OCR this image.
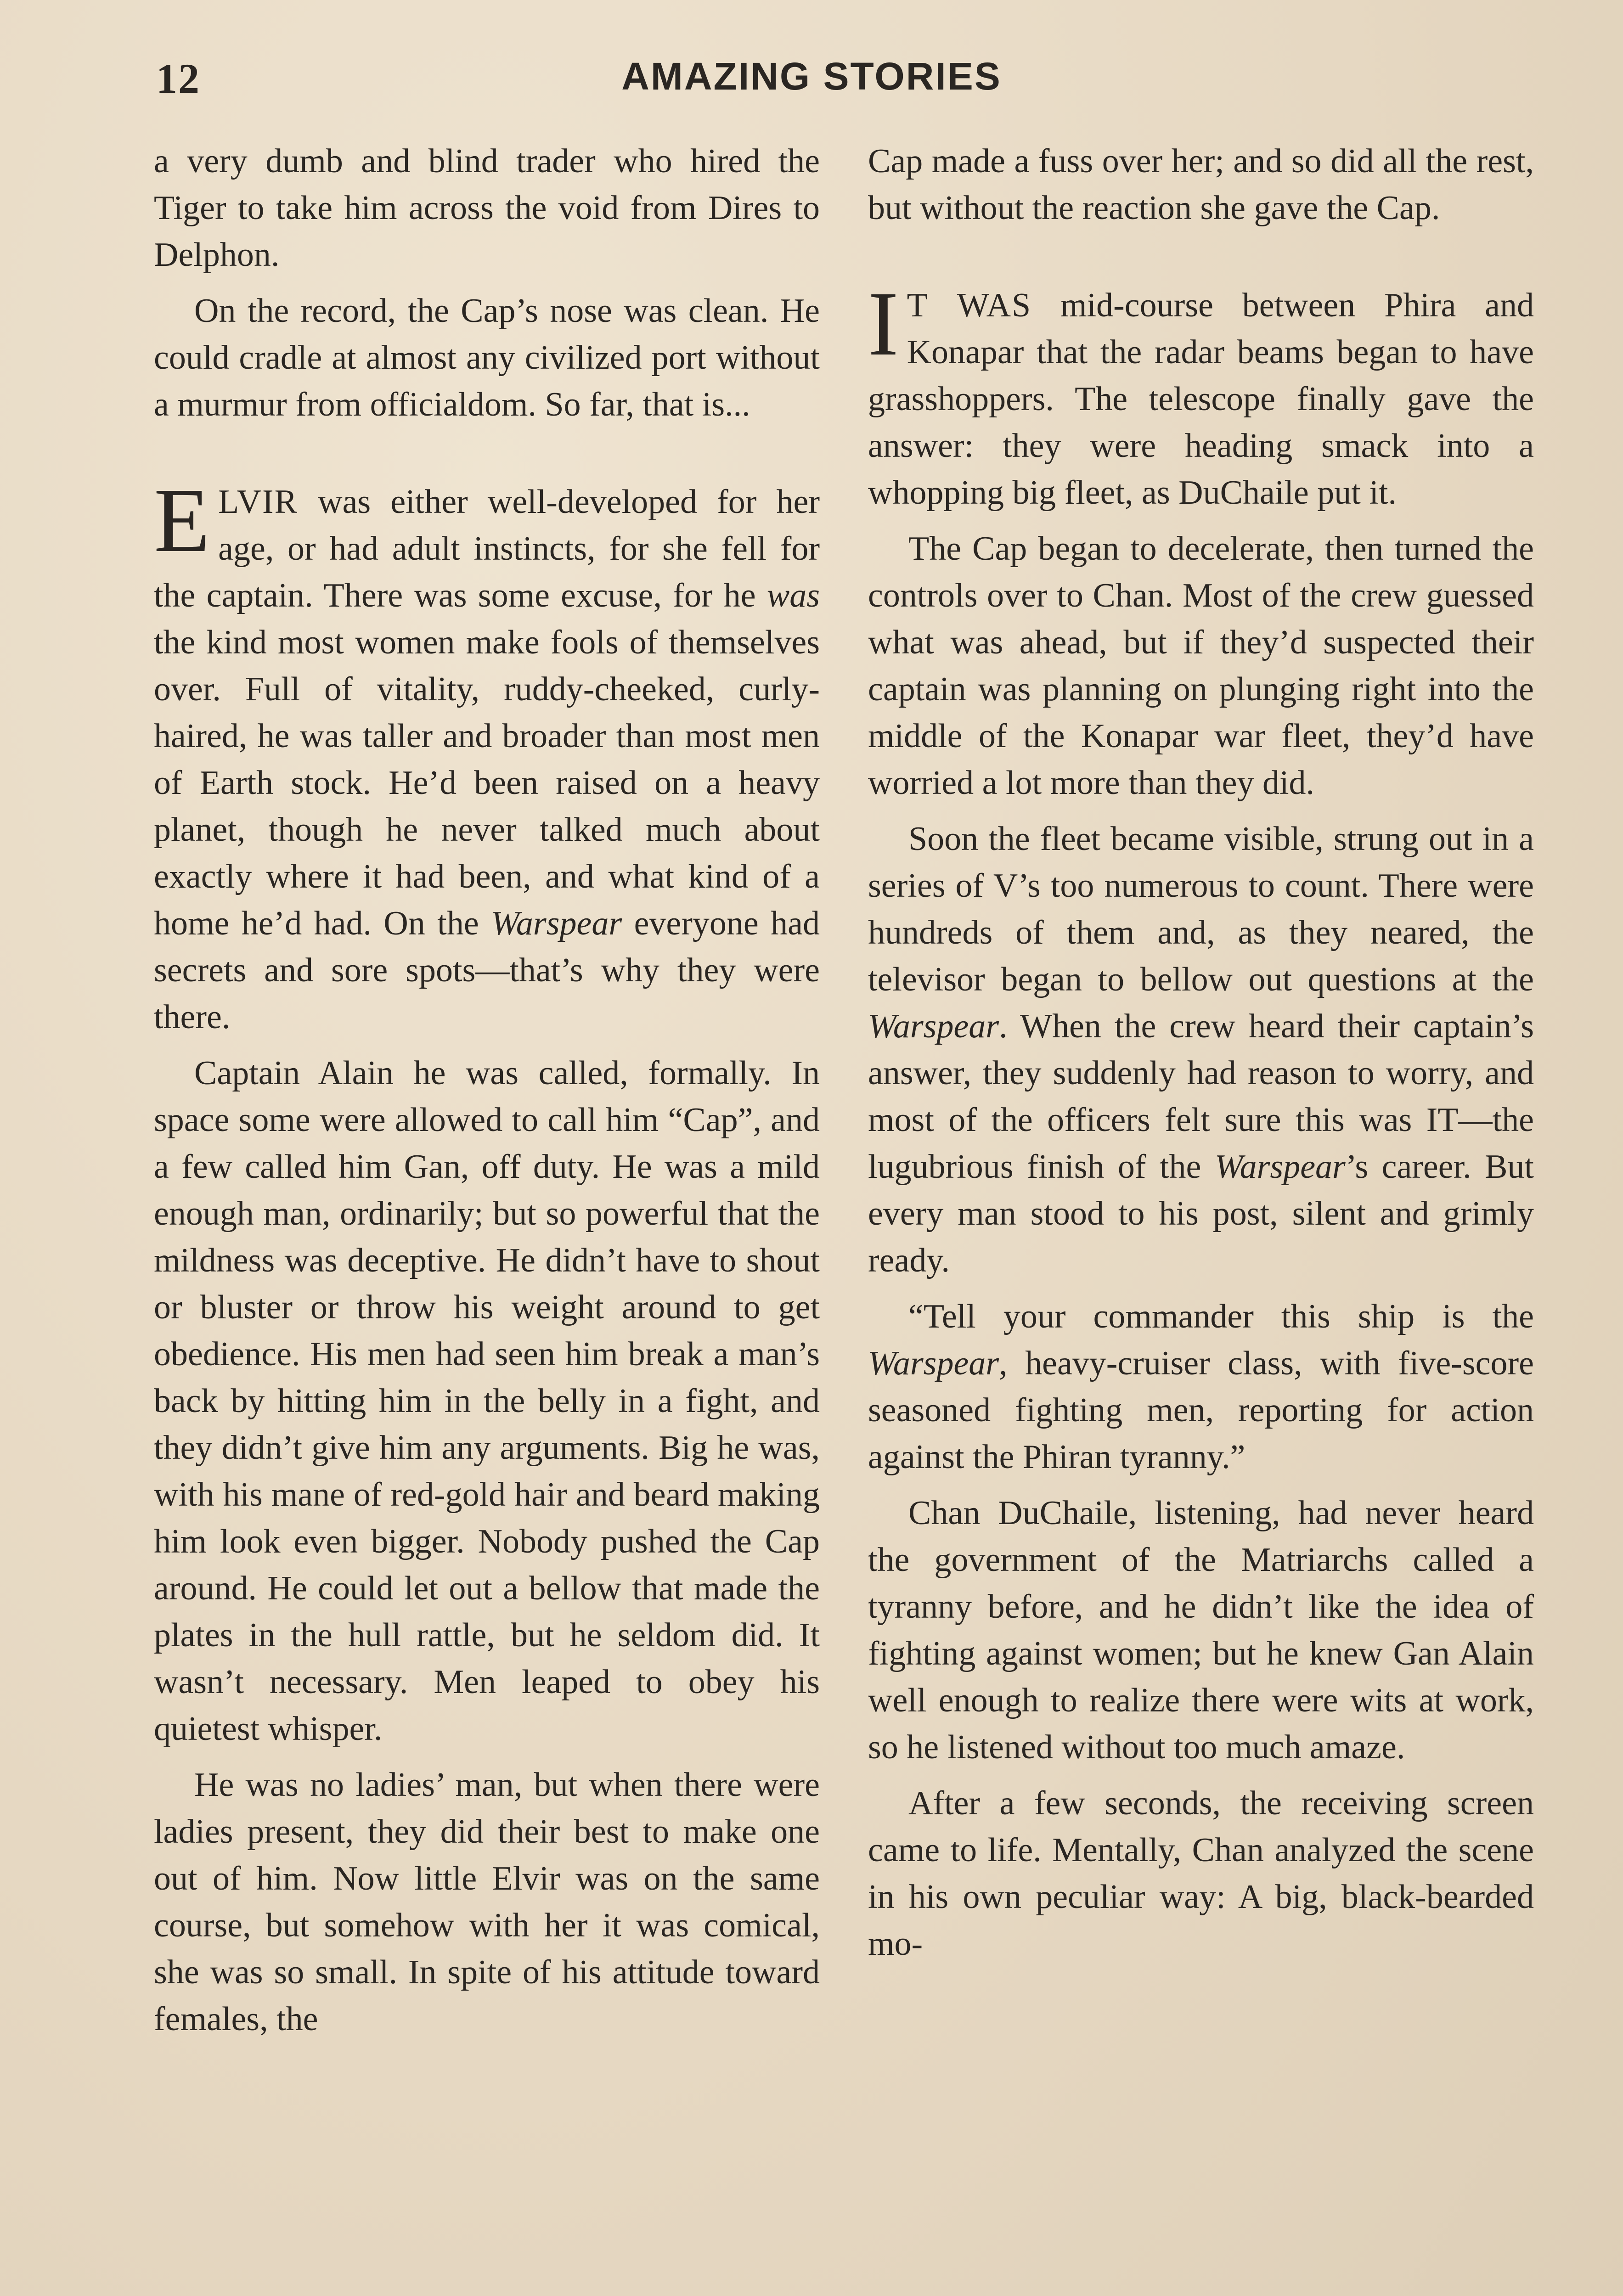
12	AMAZING STORIES

a very dumb and blind trader who hired the Tiger to take him across the void from Dires to Delphon.

On the record, the Cap’s nose was clean. He could cradle at almost any civilized port without a murmur from officialdom. So far, that is...

ELVIR was either well-developed for her age, or had adult instincts, for she fell for the captain. There was some excuse, for he was the kind most women make fools of themselves over. Full of vitality, ruddy-cheeked, curly-haired, he was taller and broader than most men of Earth stock. He’d been raised on a heavy planet, though he never talked much about exactly where it had been, and what kind of a home he’d had. On the Warspear everyone had secrets and sore spots—that’s why they were there.

Captain Alain he was called, formally. In space some were allowed to call him “Cap”, and a few called him Gan, off duty. He was a mild enough man, ordinarily; but so powerful that the mildness was deceptive. He didn’t have to shout or bluster or throw his weight around to get obedience. His men had seen him break a man’s back by hitting him in the belly in a fight, and they didn’t give him any arguments. Big he was, with his mane of red-gold hair and beard making him look even bigger. Nobody pushed the Cap around. He could let out a bellow that made the plates in the hull rattle, but he seldom did. It wasn’t necessary. Men leaped to obey his quietest whisper.

He was no ladies’ man, but when there were ladies present, they did their best to make one out of him. Now little Elvir was on the same course, but somehow with her it was comical, she was so small. In spite of his attitude toward females, the

Cap made a fuss over her; and so did all the rest, but without the reaction she gave the Cap.

I T WAS mid-course between Phira and Konapar that the radar beams began to have grasshoppers. The telescope finally gave the answer: they were heading smack into a whopping big fleet, as DuChaile put it.

The Cap began to decelerate, then turned the controls over to Chan. Most of the crew guessed what was ahead, but if they’d suspected their captain was planning on plunging right into the middle of the Konapar war fleet, they’d have worried a lot more than they did.

Soon the fleet became visible, strung out in a series of V’s too numerous to count. There were hundreds of them and, as they neared, the televisor began to bellow out questions at the Warspear. When the crew heard their captain’s answer, they suddenly had reason to worry, and most of the officers felt sure this was IT—the lugubrious finish of the Warspear’s career. But every man stood to his post, silent and grimly ready.

“Tell your commander this ship is the Warspear, heavy-cruiser class, with five-score seasoned fighting men, reporting for action against the Phiran tyranny.”

Chan DuChaile, listening, had never heard the government of the Matriarchs called a tyranny before, and he didn’t like the idea of fighting against women; but he knew Gan Alain well enough to realize there were wits at work, so he listened without too much amaze.

After a few seconds, the receiving screen came to life. Mentally, Chan analyzed the scene in his own peculiar way: A big, black-bearded mo-
